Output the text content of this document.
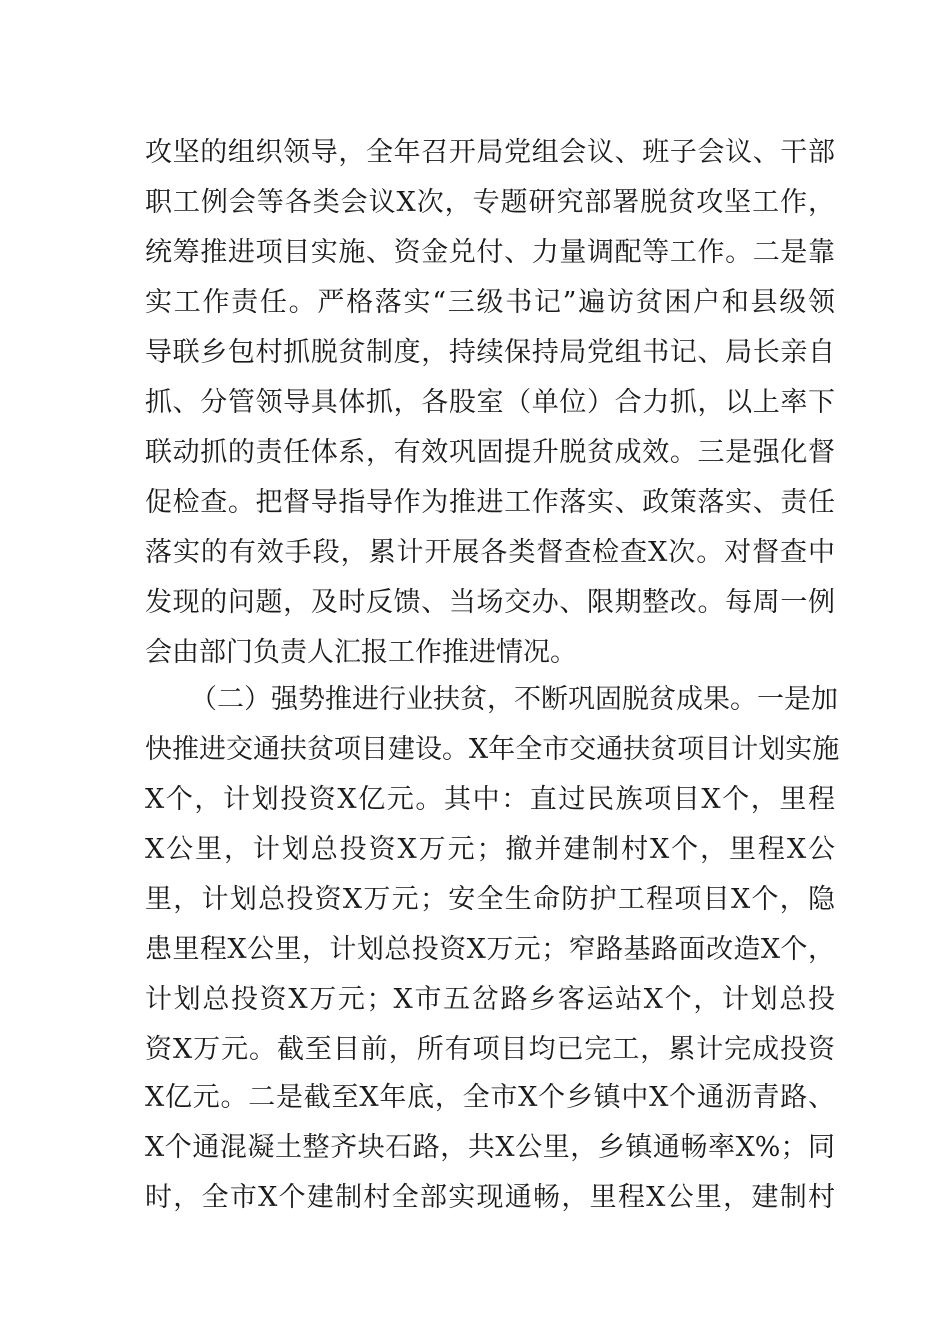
攻坚的组织领导，全年召开局党组会议、班子会议、干部
职工例会等各类会议X次，专题研究部署脱贫攻坚工作，
统筹推进项目实施、资金兑付、力量调配等工作。二是靠
实工作责任。严格落实“三级书记”遍访贫困户和县级领
导联乡包村抓脱贫制度，持续保持局党组书记、局长亲自
抓、分管领导具体抓，各股室（单位）合力抓，以上率下
联动抓的责任体系，有效巩固提升脱贫成效。三是强化督
促检查。把督导指导作为推进工作落实、政策落实、责任
落实的有效手段，累计开展各类督查检查X次。对督查中
发现的问题，及时反馈、当场交办、限期整改。每周一例
会由部门负责人汇报工作推进情况。
（二）强势推进行业扶贫，不断巩固脱贫成果。一是加
快推进交通扶贫项目建设。X年全市交通扶贫项目计划实施
X个，计划投资X亿元。其中：直过民族项目X个，里程
X公里，计划总投资X万元；撤并建制村X个，里程X公
里，计划总投资X万元；安全生命防护工程项目X个，隐
患里程X公里，计划总投资X万元；窄路基路面改造X个，
计划总投资X万元；X市五岔路乡客运站X个，计划总投
资X万元。截至目前，所有项目均已完工，累计完成投资
X亿元。二是截至X年底，全市X个乡镇中X个通沥青路、
X个通混凝土整齐块石路，共X公里，乡镇通畅率X%；同
时，全市X个建制村全部实现通畅，里程X公里，建制村
